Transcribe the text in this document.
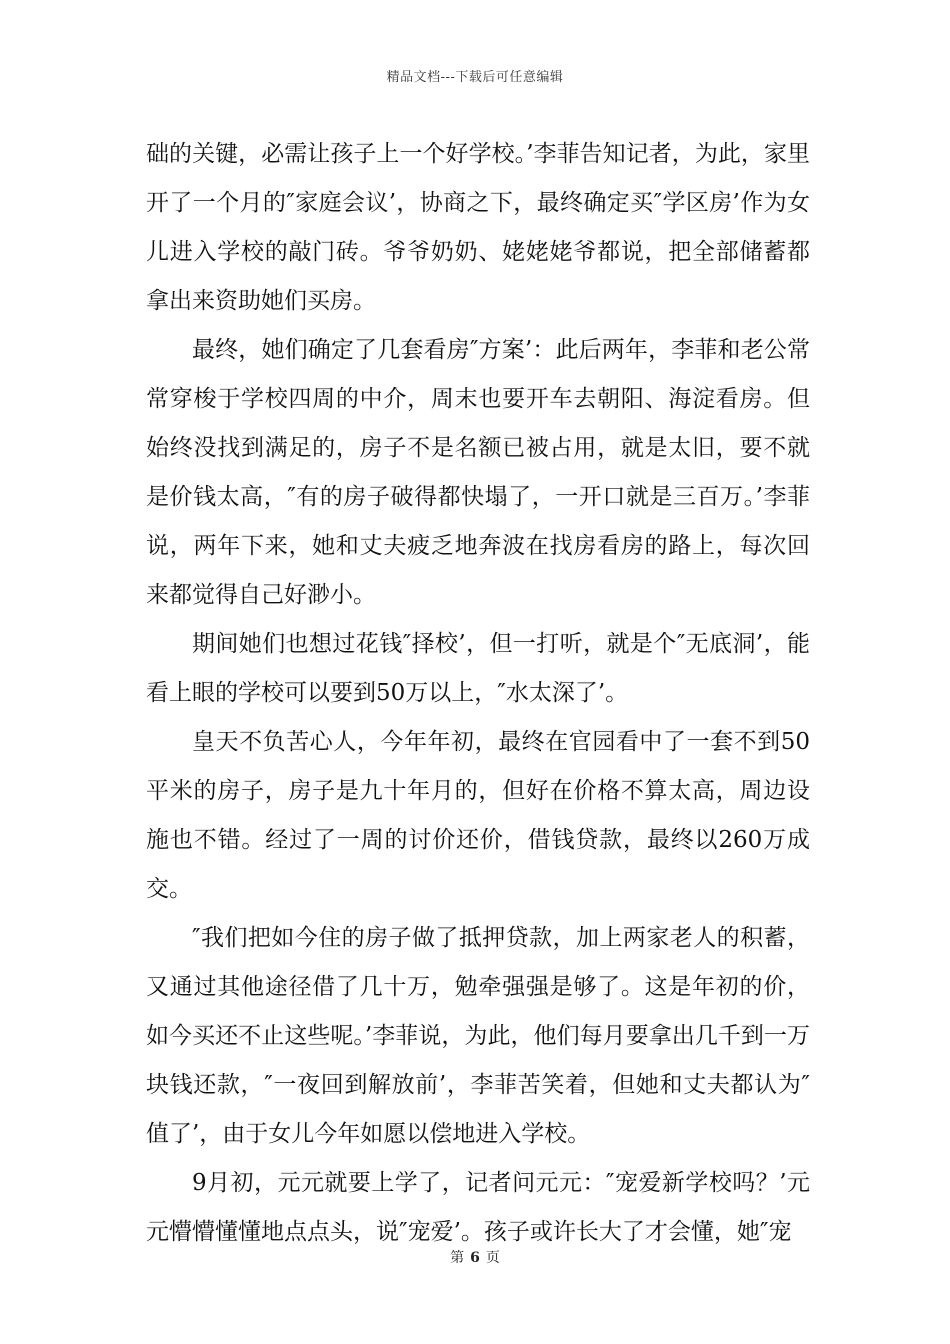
精品文档---下载后可任意编辑

础的关键，必需让孩子上一个好学校。’李菲告知记者，为此，家里开了一个月的″家庭会议’，协商之下，最终确定买″学区房’作为女儿进入学校的敲门砖。爷爷奶奶、姥姥姥爷都说，把全部储蓄都拿出来资助她们买房。

最终，她们确定了几套看房″方案’：此后两年，李菲和老公常常穿梭于学校四周的中介，周末也要开车去朝阳、海淀看房。但始终没找到满足的，房子不是名额已被占用，就是太旧，要不就是价钱太高，″有的房子破得都快塌了，一开口就是三百万。’李菲说，两年下来，她和丈夫疲乏地奔波在找房看房的路上，每次回来都觉得自己好渺小。

期间她们也想过花钱″择校’，但一打听，就是个″无底洞’，能看上眼的学校可以要到50万以上，″水太深了’。

皇天不负苦心人，今年年初，最终在官园看中了一套不到50平米的房子，房子是九十年月的，但好在价格不算太高，周边设施也不错。经过了一周的讨价还价，借钱贷款，最终以260万成交。

″我们把如今住的房子做了抵押贷款，加上两家老人的积蓄，又通过其他途径借了几十万，勉牵强强是够了。这是年初的价，如今买还不止这些呢。’李菲说，为此，他们每月要拿出几千到一万块钱还款，″一夜回到解放前’，李菲苦笑着，但她和丈夫都认为″值了’，由于女儿今年如愿以偿地进入学校。

9月初，元元就要上学了，记者问元元：″宠爱新学校吗？’元元懵懵懂懂地点点头，说″宠爱’。孩子或许长大了才会懂，她″宠

第 6 页
